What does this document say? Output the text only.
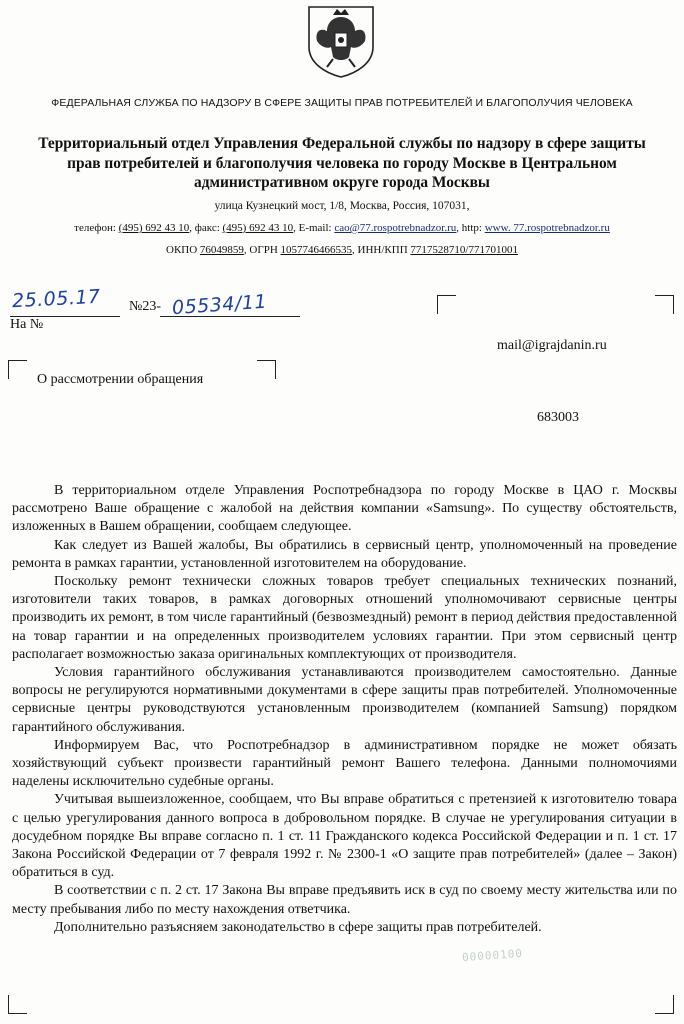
ФЕДЕРАЛЬНАЯ СЛУЖБА ПО НАДЗОРУ В СФЕРЕ ЗАЩИТЫ ПРАВ ПОТРЕБИТЕЛЕЙ И БЛАГОПОЛУЧИЯ ЧЕЛОВЕКА
Территориальный отдел Управления Федеральной службы по надзору в сфере защиты прав потребителей и благополучия человека по городу Москве в Центральном административном округе города Москвы
улица Кузнецкий мост, 1/8, Москва, Россия, 107031,
телефон: (495) 692 43 10, факс: (495) 692 43 10, E-mail: cao@77.rospotrebnadzor.ru, http: www. 77.rospotrebnadzor.ru
ОКПО 76049859, ОГРН 1057746466535, ИНН/КПП 7717528710/771701001
25.05.17 №23- 05534/11
На №
mail@igrajdanin.ru
О рассмотрении обращения
683003

В территориальном отделе Управления Роспотребнадзора по городу Москве в ЦАО г. Москвы рассмотрено Ваше обращение с жалобой на действия компании «Samsung». По существу обстоятельств, изложенных в Вашем обращении, сообщаем следующее.

Как следует из Вашей жалобы, Вы обратились в сервисный центр, уполномоченный на проведение ремонта в рамках гарантии, установленной изготовителем на оборудование.

Поскольку ремонт технически сложных товаров требует специальных технических познаний, изготовители таких товаров, в рамках договорных отношений уполномочивают сервисные центры производить их ремонт, в том числе гарантийный (безвозмездный) ремонт в период действия предоставленной на товар гарантии и на определенных производителем условиях гарантии. При этом сервисный центр располагает возможностью заказа оригинальных комплектующих от производителя.

Условия гарантийного обслуживания устанавливаются производителем самостоятельно. Данные вопросы не регулируются нормативными документами в сфере защиты прав потребителей. Уполномоченные сервисные центры руководствуются установленным производителем (компанией Samsung) порядком гарантийного обслуживания.

Информируем Вас, что Роспотребнадзор в административном порядке не может обязать хозяйствующий субъект произвести гарантийный ремонт Вашего телефона. Данными полномочиями наделены исключительно судебные органы.

Учитывая вышеизложенное, сообщаем, что Вы вправе обратиться с претензией к изготовителю товара с целью урегулирования данного вопроса в добровольном порядке. В случае не урегулирования ситуации в досудебном порядке Вы вправе согласно п. 1 ст. 11 Гражданского кодекса Российской Федерации и п. 1 ст. 17 Закона Российской Федерации от 7 февраля 1992 г. № 2300-1 «О защите прав потребителей» (далее – Закон) обратиться в суд.

В соответствии с п. 2 ст. 17 Закона Вы вправе предъявить иск в суд по своему месту жительства или по месту пребывания либо по месту нахождения ответчика.

Дополнительно разъясняем законодательство в сфере защиты прав потребителей.

00000100
